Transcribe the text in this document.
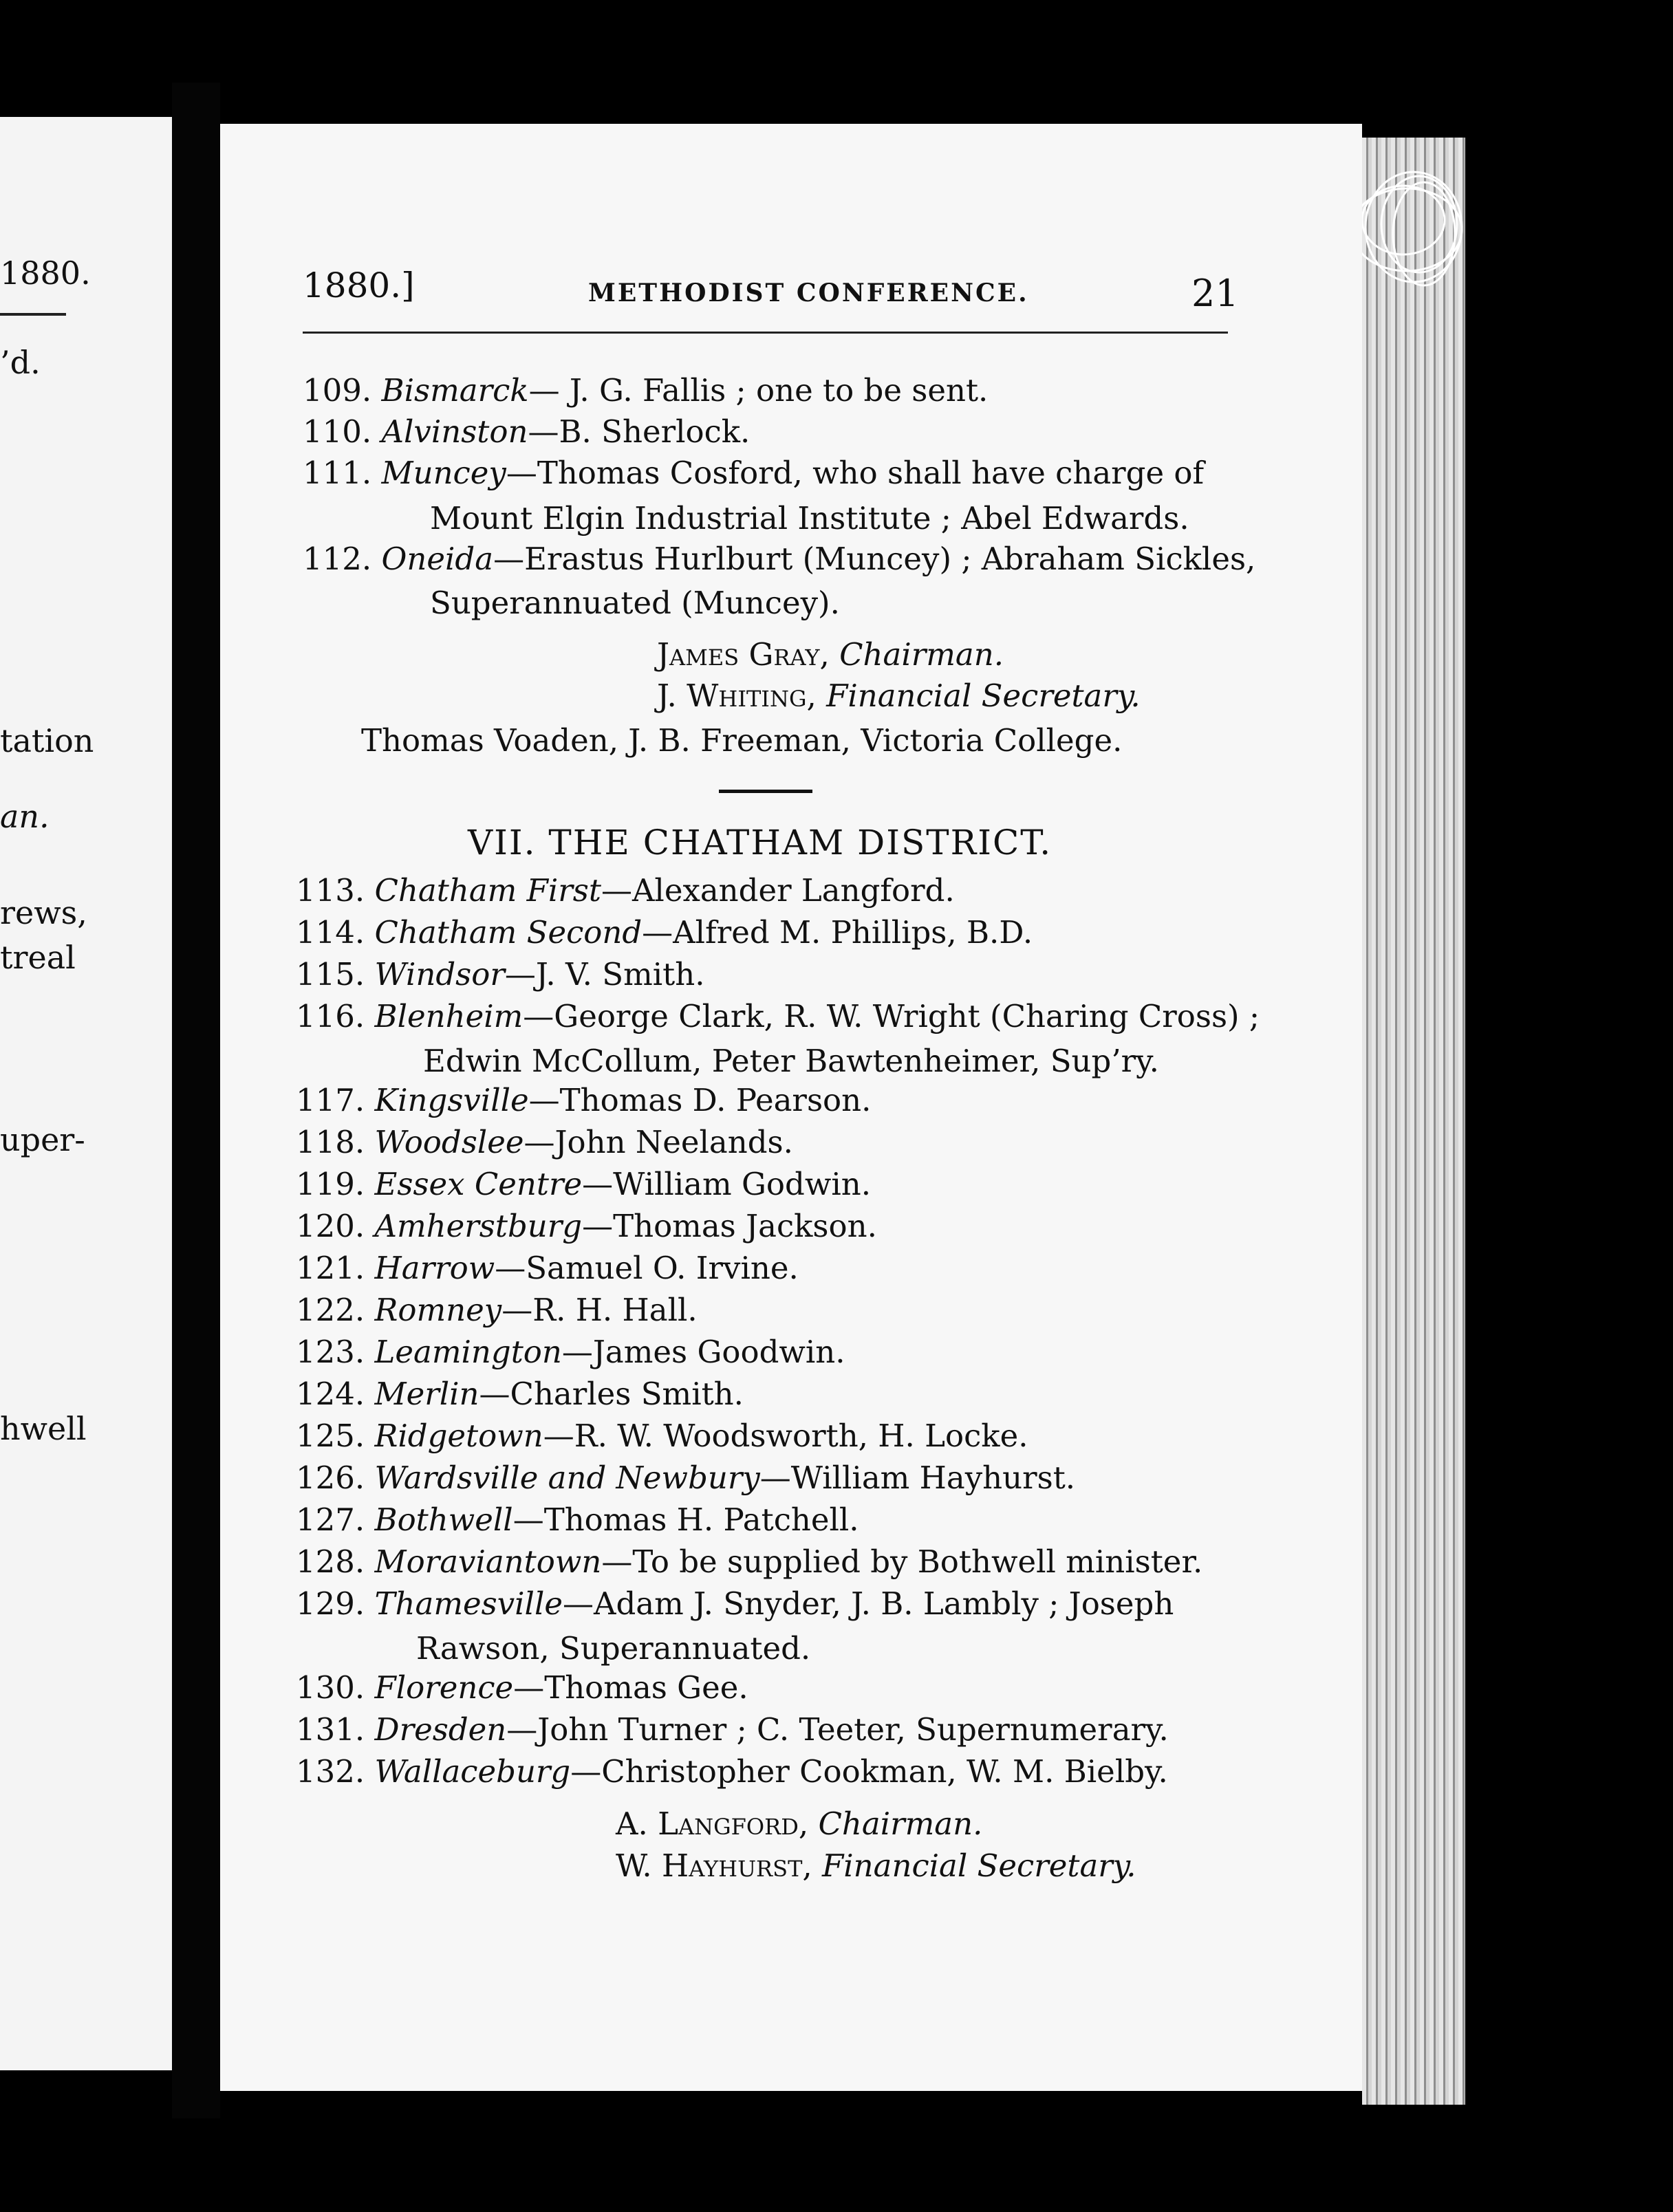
1880.
’d.
tation
an.
rews,
treal
uper-
hwell
1880.]	METHODIST CONFERENCE.	21
109. Bismarck— J. G. Fallis ; one to be sent.
110. Alvinston—B. Sherlock.
111. Muncey—Thomas Cosford, who shall have charge of
Mount Elgin Industrial Institute ; Abel Edwards.
112. Oneida—Erastus Hurlburt (Muncey) ; Abraham Sickles,
Superannuated (Muncey).
James Gray, Chairman.
J. Whiting, Financial Secretary.
Thomas Voaden, J. B. Freeman, Victoria College.
VII. THE CHATHAM DISTRICT.
113. Chatham First—Alexander Langford.
114. Chatham Second—Alfred M. Phillips, B.D.
115. Windsor—J. V. Smith.
116. Blenheim—George Clark, R. W. Wright (Charing Cross) ;
Edwin McCollum, Peter Bawtenheimer, Sup’ry.
117. Kingsville—Thomas D. Pearson.
118. Woodslee—John Neelands.
119. Essex Centre—William Godwin.
120. Amherstburg—Thomas Jackson.
121. Harrow—Samuel O. Irvine.
122. Romney—R. H. Hall.
123. Leamington—James Goodwin.
124. Merlin—Charles Smith.
125. Ridgetown—R. W. Woodsworth, H. Locke.
126. Wardsville and Newbury—William Hayhurst.
127. Bothwell—Thomas H. Patchell.
128. Moraviantown—To be supplied by Bothwell minister.
129. Thamesville—Adam J. Snyder, J. B. Lambly ; Joseph
Rawson, Superannuated.
130. Florence—Thomas Gee.
131. Dresden—John Turner ; C. Teeter, Supernumerary.
132. Wallaceburg—Christopher Cookman, W. M. Bielby.
A. Langford, Chairman.
W. Hayhurst, Financial Secretary.
